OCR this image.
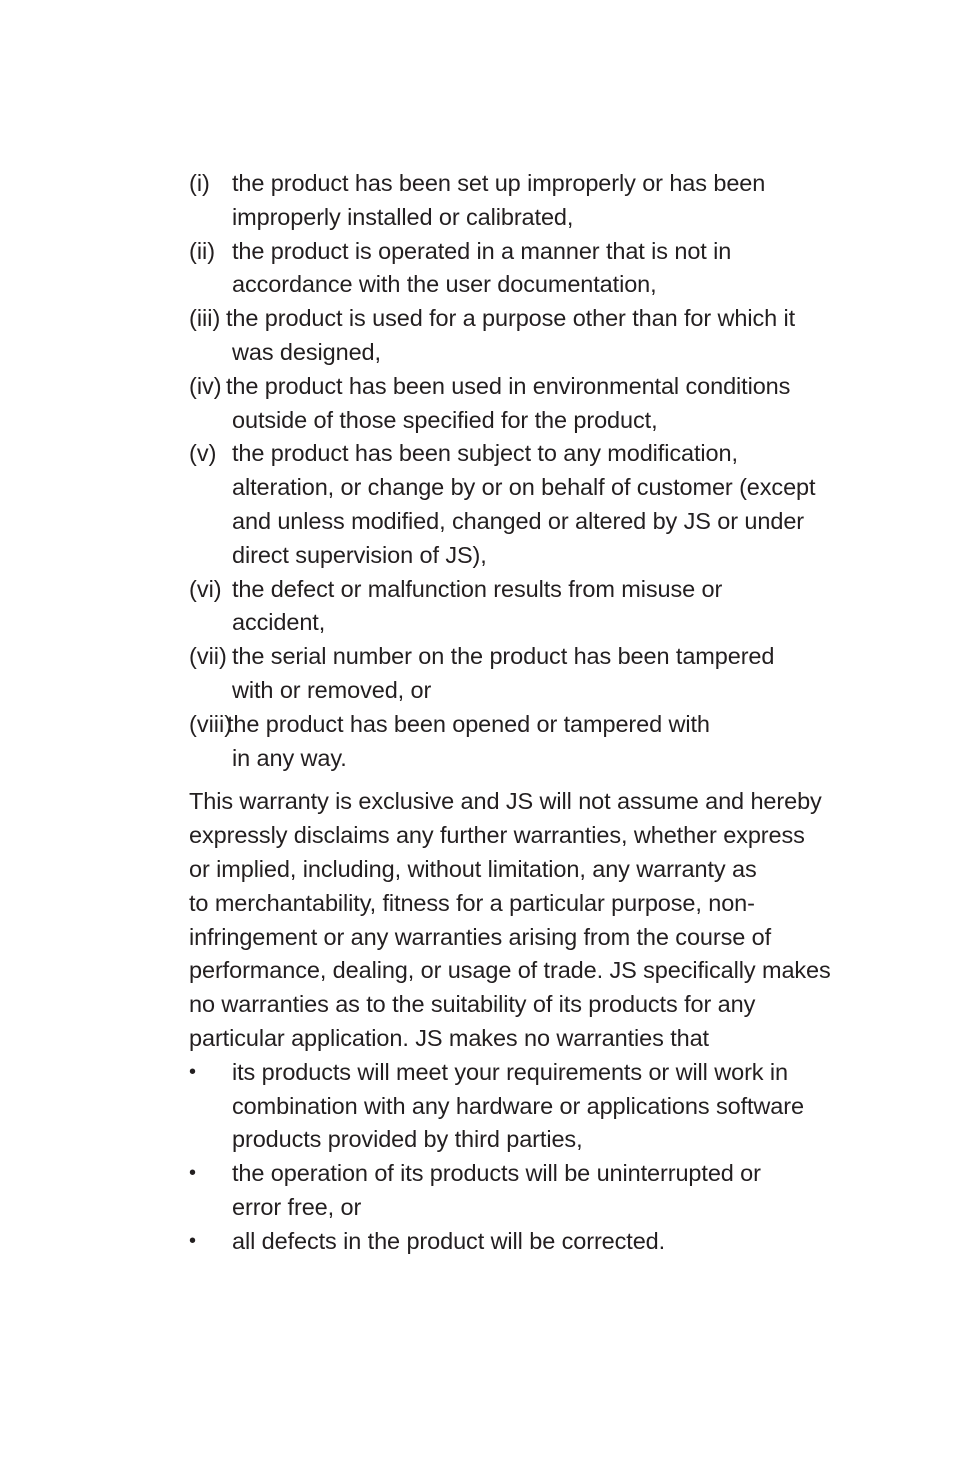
(i) the product has been set up improperly or has been
improperly installed or calibrated,
(ii) the product is operated in a manner that is not in
accordance with the user documentation,
(iii) the product is used for a purpose other than for which it
was designed,
(iv) the product has been used in environmental conditions
outside of those specified for the product,
(v) the product has been subject to any modification,
alteration, or change by or on behalf of customer (except
and unless modified, changed or altered by JS or under
direct supervision of JS),
(vi) the defect or malfunction results from misuse or
accident,
(vii) the serial number on the product has been tampered
with or removed, or
(viii)
the product has been opened or tampered with
in any way.
This warranty is exclusive and JS will not assume and hereby
expressly disclaims any further warranties, whether express
or implied, including, without limitation, any warranty as
to merchantability, fitness for a particular purpose, non-
infringement or any warranties arising from the course of
performance, dealing, or usage of trade. JS specifically makes
no warranties as to the suitability of its products for any
particular application. JS makes no warranties that
•	its products will meet your requirements or will work in
combination with any hardware or applications software
products provided by third parties,
•	the operation of its products will be uninterrupted or
error free, or
•	all defects in the product will be corrected.
